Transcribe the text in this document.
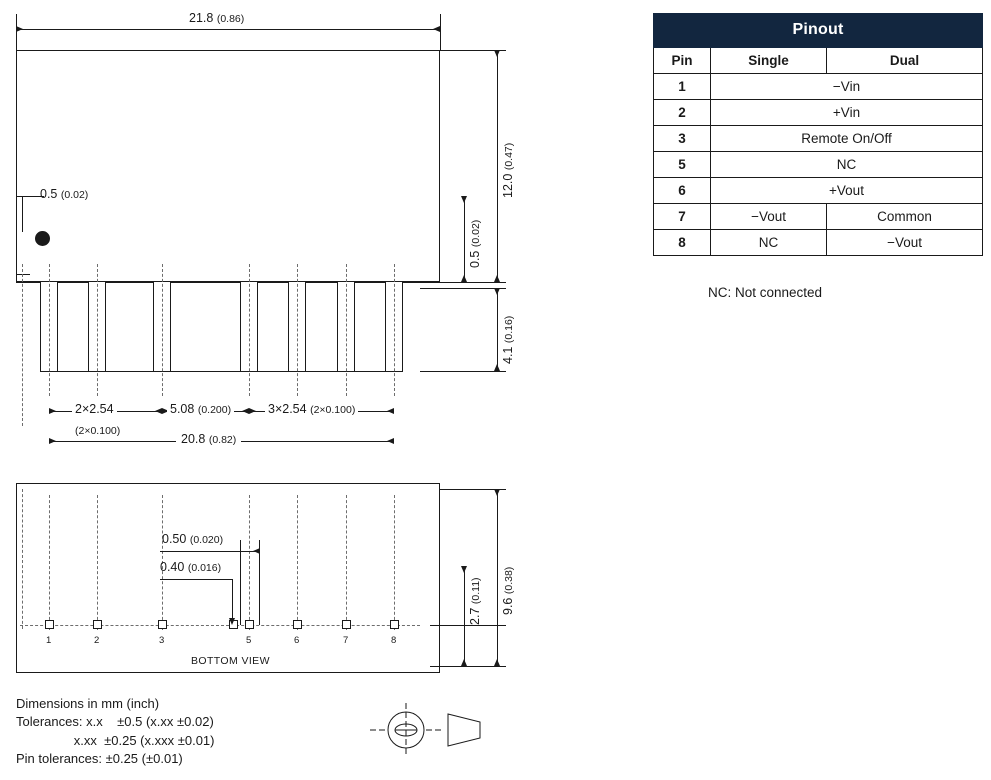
21.8 (0.86)
0.5 (0.02)	12.0 (0.47)
0.5 (0.02)
4.1 (0.16)
2×2.54
(2×0.100)
5.08 (0.200)	3×2.54 (2×0.100)
20.8 (0.82)
1	2	3	5	6	7	8
0.50 (0.020)
0.40 (0.016)
2.7 (0.11)
9.6 (0.38)
BOTTOM VIEW
Dimensions in mm (inch)
Tolerances: x.x    ±0.5 (x.xx ±0.02)
x.xx  ±0.25 (x.xxx ±0.01)
Pin tolerances: ±0.25 (±0.01)
Pinout		
Pin	Single	Dual
1	−Vin	
2	+Vin	
3	Remote On/Off	
5	NC	
6	+Vout	
7	−Vout	Common
8	NC	−Vout
NC: Not connected
